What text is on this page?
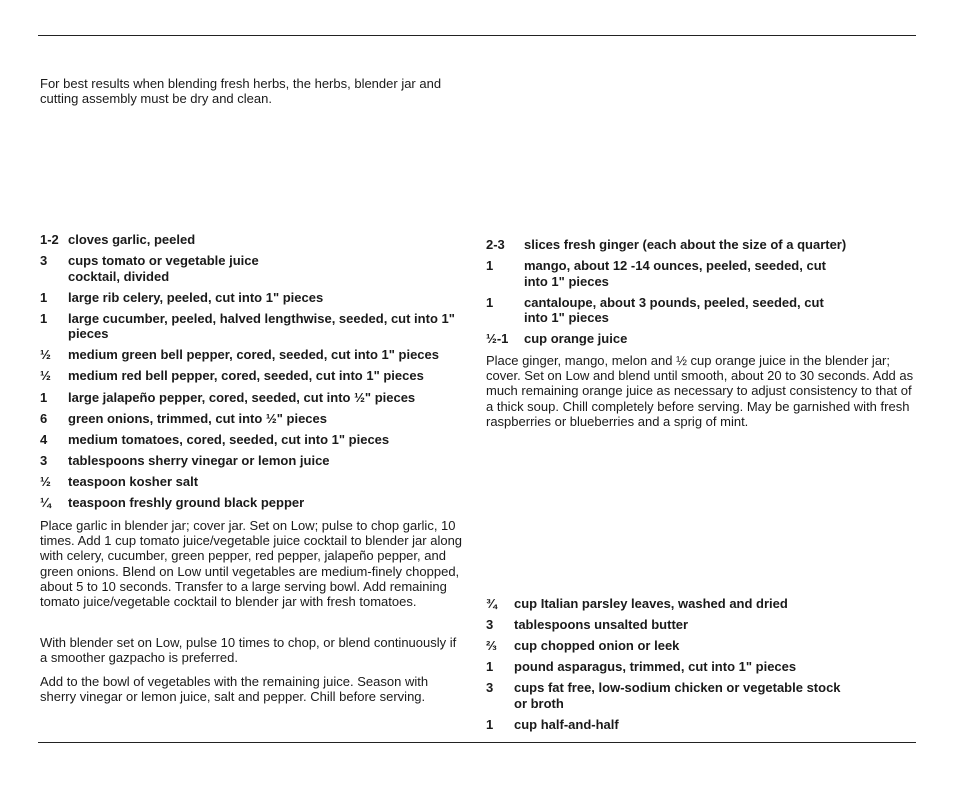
For best results when blending fresh herbs, the herbs, blender jar and cutting assembly must be dry and clean.

1-2 cloves garlic, peeled
3	cups tomato or vegetable juice cocktail, divided
1	large rib celery, peeled, cut into 1" pieces
1	large cucumber, peeled, halved lengthwise, seeded, cut into 1" pieces
½	medium green bell pepper, cored, seeded, cut into 1" pieces
½	medium red bell pepper, cored, seeded, cut into 1" pieces
1	large jalapeño pepper, cored, seeded, cut into ½" pieces
6	green onions, trimmed, cut into ½" pieces
4	medium tomatoes, cored, seeded, cut into 1" pieces
3	tablespoons sherry vinegar or lemon juice
½	teaspoon kosher salt
¼	teaspoon freshly ground black pepper

Place garlic in blender jar; cover jar. Set on Low; pulse to chop garlic, 10 times. Add 1 cup tomato juice/vegetable juice cocktail to blender jar along with celery, cucumber, green pepper, red pepper, jalapeño pepper, and green onions. Blend on Low until vegetables are medium-finely chopped, about 5 to 10 seconds. Transfer to a large serving bowl. Add remaining tomato juice/vegetable cocktail to blender jar with fresh tomatoes.

With blender set on Low, pulse 10 times to chop, or blend continuously if a smoother gazpacho is preferred.

Add to the bowl of vegetables with the remaining juice. Season with sherry vinegar or lemon juice, salt and pepper. Chill before serving.

2-3	slices fresh ginger (each about the size of a quarter)
1	mango, about 12 -14 ounces, peeled, seeded, cut into 1" pieces
1	cantaloupe, about 3 pounds, peeled, seeded, cut into 1" pieces
½-1	cup orange juice

Place ginger, mango, melon and ½ cup orange juice in the blender jar; cover. Set on Low and blend until smooth, about 20 to 30 seconds. Add as much remaining orange juice as necessary to adjust consistency to that of a thick soup. Chill completely before serving. May be garnished with fresh raspberries or blueberries and a sprig of mint.

¾	cup Italian parsley leaves, washed and dried
3	tablespoons unsalted butter
⅔	cup chopped onion or leek
1	pound asparagus, trimmed, cut into 1" pieces
3	cups fat free, low-sodium chicken or vegetable stock or broth
1	cup half-and-half
